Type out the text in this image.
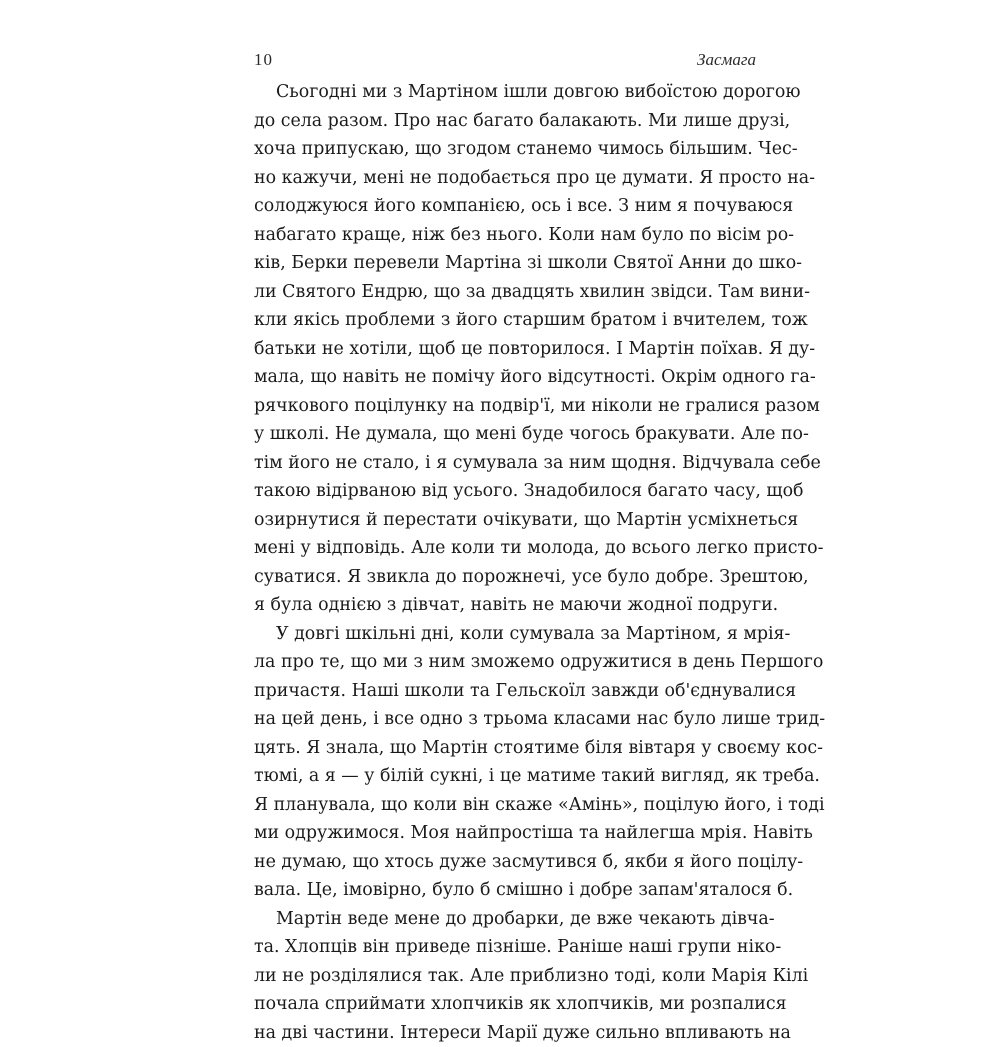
10	Засмага
Сьогодні ми з Мартіном ішли довгою вибоїстою дорогою
до села разом. Про нас багато балакають. Ми лише друзі,
хоча припускаю, що згодом станемо чимось більшим. Чес-
но кажучи, мені не подобається про це думати. Я просто на-
солоджуюся його компанією, ось і все. З ним я почуваюся
набагато краще, ніж без нього. Коли нам було по вісім ро-
ків, Берки перевели Мартіна зі школи Святої Анни до шко-
ли Святого Ендрю, що за двадцять хвилин звідси. Там вини-
кли якісь проблеми з його старшим братом і вчителем, тож
батьки не хотіли, щоб це повторилося. І Мартін поїхав. Я ду-
мала, що навіть не помічу його відсутності. Окрім одного га-
рячкового поцілунку на подвір'ї, ми ніколи не гралися разом
у школі. Не думала, що мені буде чогось бракувати. Але по-
тім його не стало, і я сумувала за ним щодня. Відчувала себе
такою відірваною від усього. Знадобилося багато часу, щоб
озирнутися й перестати очікувати, що Мартін усміхнеться
мені у відповідь. Але коли ти молода, до всього легко присто-
суватися. Я звикла до порожнечі, усе було добре. Зрештою,
я була однією з дівчат, навіть не маючи жодної подруги.
У довгі шкільні дні, коли сумувала за Мартіном, я мрія-
ла про те, що ми з ним зможемо одружитися в день Першого
причастя. Наші школи та Гельскоїл завжди об'єднувалися
на цей день, і все одно з трьома класами нас було лише трид-
цять. Я знала, що Мартін стоятиме біля вівтаря у своєму кос-
тюмі, а я — у білій сукні, і це матиме такий вигляд, як треба.
Я планувала, що коли він скаже «Амінь», поцілую його, і тоді
ми одружимося. Моя найпростіша та найлегша мрія. Навіть
не думаю, що хтось дуже засмутився б, якби я його поцілу-
вала. Це, імовірно, було б смішно і добре запам'яталося б.
Мартін веде мене до дробарки, де вже чекають дівча-
та. Хлопців він приведе пізніше. Раніше наші групи ніко-
ли не розділялися так. Але приблизно тоді, коли Марія Кілі
почала сприймати хлопчиків як хлопчиків, ми розпалися
на дві частини. Інтереси Марії дуже сильно впливають на
